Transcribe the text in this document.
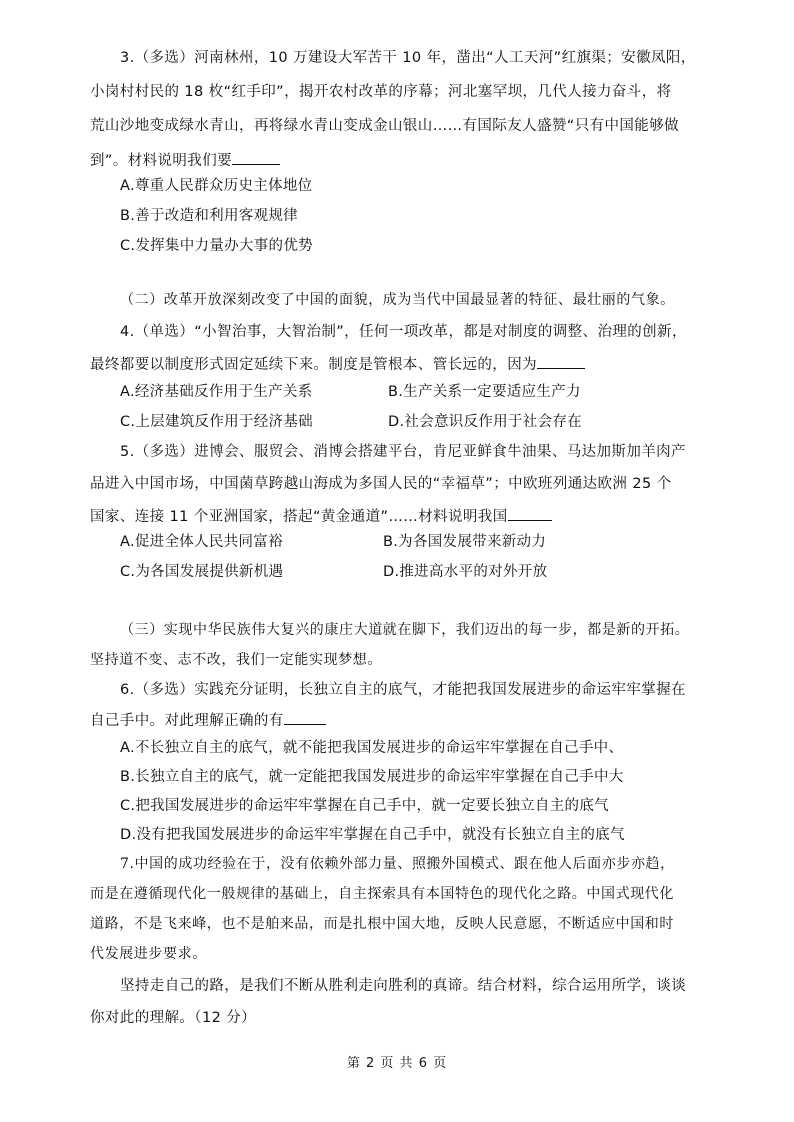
3.（多选）河南林州，10 万建设大军苦干 10 年，凿出“人工天河”红旗渠；安徽凤阳，
小岗村村民的 18 枚“红手印”，揭开农村改革的序幕；河北塞罕坝，几代人接力奋斗，将
荒山沙地变成绿水青山，再将绿水青山变成金山银山……有国际友人盛赞“只有中国能够做
到”。材料说明我们要
A.尊重人民群众历史主体地位
B.善于改造和利用客观规律
C.发挥集中力量办大事的优势
（二）改革开放深刻改变了中国的面貌，成为当代中国最显著的特征、最壮丽的气象。
4.（单选）“小智治事，大智治制”，任何一项改革，都是对制度的调整、治理的创新，
最终都要以制度形式固定延续下来。制度是管根本、管长远的，因为
A.经济基础反作用于生产关系	B.生产关系一定要适应生产力
C.上层建筑反作用于经济基础	D.社会意识反作用于社会存在
5.（多选）进博会、服贸会、消博会搭建平台，肯尼亚鲜食牛油果、马达加斯加羊肉产
品进入中国市场，中国菌草跨越山海成为多国人民的“幸福草”；中欧班列通达欧洲 25 个
国家、连接 11 个亚洲国家，搭起“黄金通道”……材料说明我国
A.促进全体人民共同富裕	B.为各国发展带来新动力
C.为各国发展提供新机遇	D.推进高水平的对外开放
（三）实现中华民族伟大复兴的康庄大道就在脚下，我们迈出的每一步，都是新的开拓。
坚持道不变、志不改，我们一定能实现梦想。
6.（多选）实践充分证明，长独立自主的底气，才能把我国发展进步的命运牢牢掌握在
自己手中。对此理解正确的有
A.不长独立自主的底气，就不能把我国发展进步的命运牢牢掌握在自己手中、
B.长独立自主的底气，就一定能把我国发展进步的命运牢牢掌握在自己手中大
C.把我国发展进步的命运牢牢掌握在自己手中，就一定要长独立自主的底气
D.没有把我国发展进步的命运牢牢掌握在自己手中，就没有长独立自主的底气
7.中国的成功经验在于，没有依赖外部力量、照搬外国模式、跟在他人后面亦步亦趋，
而是在遵循现代化一般规律的基础上，自主探索具有本国特色的现代化之路。中国式现代化
道路，不是飞来峰，也不是舶来品，而是扎根中国大地，反映人民意愿，不断适应中国和时
代发展进步要求。
坚持走自己的路，是我们不断从胜利走向胜利的真谛。结合材料，综合运用所学，谈谈
你对此的理解。（12 分）
第 2 页 共 6 页
